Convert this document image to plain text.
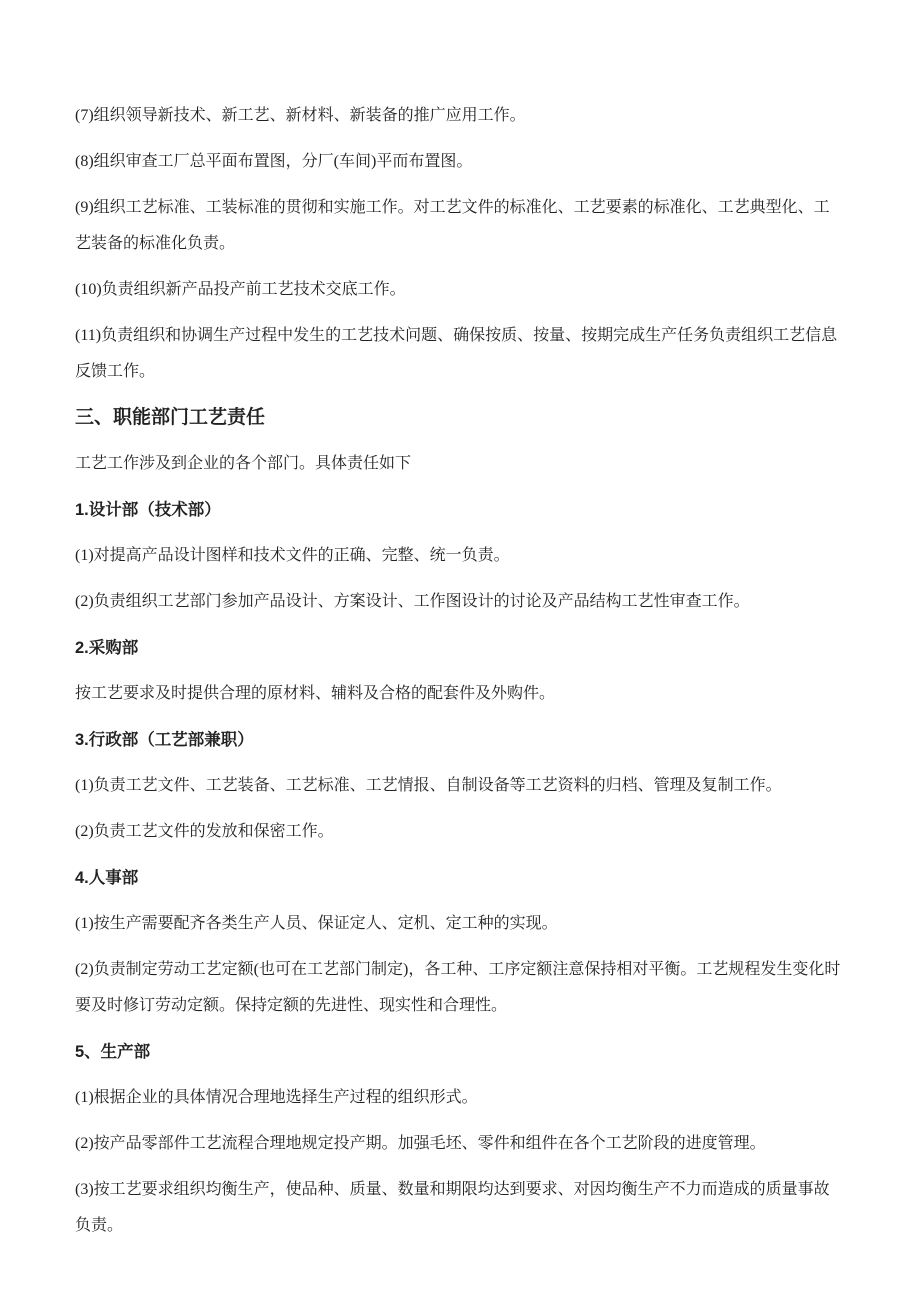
(7)组织领导新技术、新工艺、新材料、新装备的推广应用工作。

(8)组织审查工厂总平面布置图，分厂(车间)平而布置图。

(9)组织工艺标准、工装标准的贯彻和实施工作。对工艺文件的标准化、工艺要素的标准化、工艺典型化、工艺装备的标准化负责。

(10)负责组织新产品投产前工艺技术交底工作。

(11)负责组织和协调生产过程中发生的工艺技术问题、确保按质、按量、按期完成生产任务负责组织工艺信息反馈工作。

三、职能部门工艺责任

工艺工作涉及到企业的各个部门。具体责任如下

1.设计部（技术部）

(1)对提高产品设计图样和技术文件的正确、完整、统一负责。

(2)负责组织工艺部门参加产品设计、方案设计、工作图设计的讨论及产品结构工艺性审查工作。

2.采购部

按工艺要求及时提供合理的原材料、辅料及合格的配套件及外购件。

3.行政部（工艺部兼职）

(1)负责工艺文件、工艺装备、工艺标准、工艺情报、自制设备等工艺资料的归档、管理及复制工作。

(2)负责工艺文件的发放和保密工作。

4.人事部

(1)按生产需要配齐各类生产人员、保证定人、定机、定工种的实现。

(2)负责制定劳动工艺定额(也可在工艺部门制定)，各工种、工序定额注意保持相对平衡。工艺规程发生变化时要及时修订劳动定额。保持定额的先进性、现实性和合理性。

5、生产部

(1)根据企业的具体情况合理地选择生产过程的组织形式。

(2)按产品零部件工艺流程合理地规定投产期。加强毛坯、零件和组件在各个工艺阶段的进度管理。

(3)按工艺要求组织均衡生产，使品种、质量、数量和期限均达到要求、对因均衡生产不力而造成的质量事故负责。
